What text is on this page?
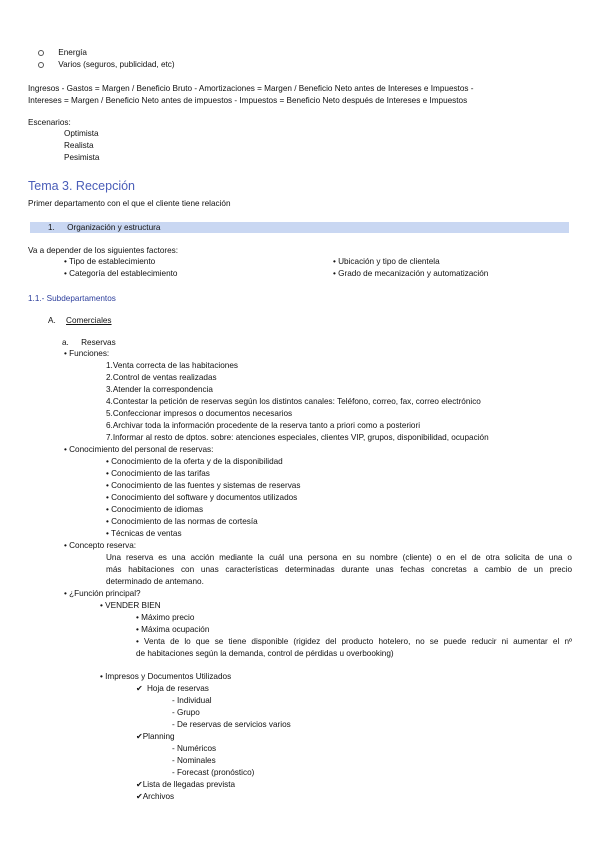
Energía
Varios (seguros, publicidad, etc)
Ingresos - Gastos = Margen / Beneficio Bruto - Amortizaciones = Margen / Beneficio Neto antes de Intereses e Impuestos -
Intereses = Margen / Beneficio Neto antes de impuestos - Impuestos = Beneficio Neto después de Intereses e Impuestos
Escenarios:
Optimista
Realista
Pesimista
Tema 3. Recepción
Primer departamento con el que el cliente tiene relación
1. Organización y estructura
Va a depender de los siguientes factores:
• Tipo de establecimiento
• Categoría del establecimiento
• Ubicación y tipo de clientela
• Grado de mecanización y automatización
1.1.- Subdepartamentos
A. Comerciales
a. Reservas
• Funciones:
1.Venta correcta de las habitaciones
2.Control de ventas realizadas
3.Atender la correspondencia
4.Contestar la petición de reservas según los distintos canales: Teléfono, correo, fax, correo electrónico
5.Confeccionar impresos o documentos necesarios
6.Archivar toda la información procedente de la reserva tanto a priori como a posteriori
7.Informar al resto de dptos. sobre: atenciones especiales, clientes VIP, grupos, disponibilidad, ocupación
• Conocimiento del personal de reservas:
• Conocimiento de la oferta y de la disponibilidad
• Conocimiento de las tarifas
• Conocimiento de las fuentes y sistemas de reservas
• Conocimiento del software y documentos utilizados
• Conocimiento de idiomas
• Conocimiento de las normas de cortesía
• Técnicas de ventas
• Concepto reserva:
Una reserva es una acción mediante la cuál una persona en su nombre (cliente) o en el de otra solicita de una o
más habitaciones con unas características determinadas durante unas fechas concretas a cambio de un precio
determinado de antemano.
• ¿Función principal?
• VENDER BIEN
• Máximo precio
• Máxima ocupación
• Venta de lo que se tiene disponible (rigidez del producto hotelero, no se puede reducir ni aumentar el nº
de habitaciones según la demanda, control de pérdidas u overbooking)
• Impresos y Documentos Utilizados
✔ Hoja de reservas
- Individual
- Grupo
- De reservas de servicios varios
✔Planning
- Numéricos
- Nominales
- Forecast (pronóstico)
✔Lista de llegadas prevista
✔Archivos
